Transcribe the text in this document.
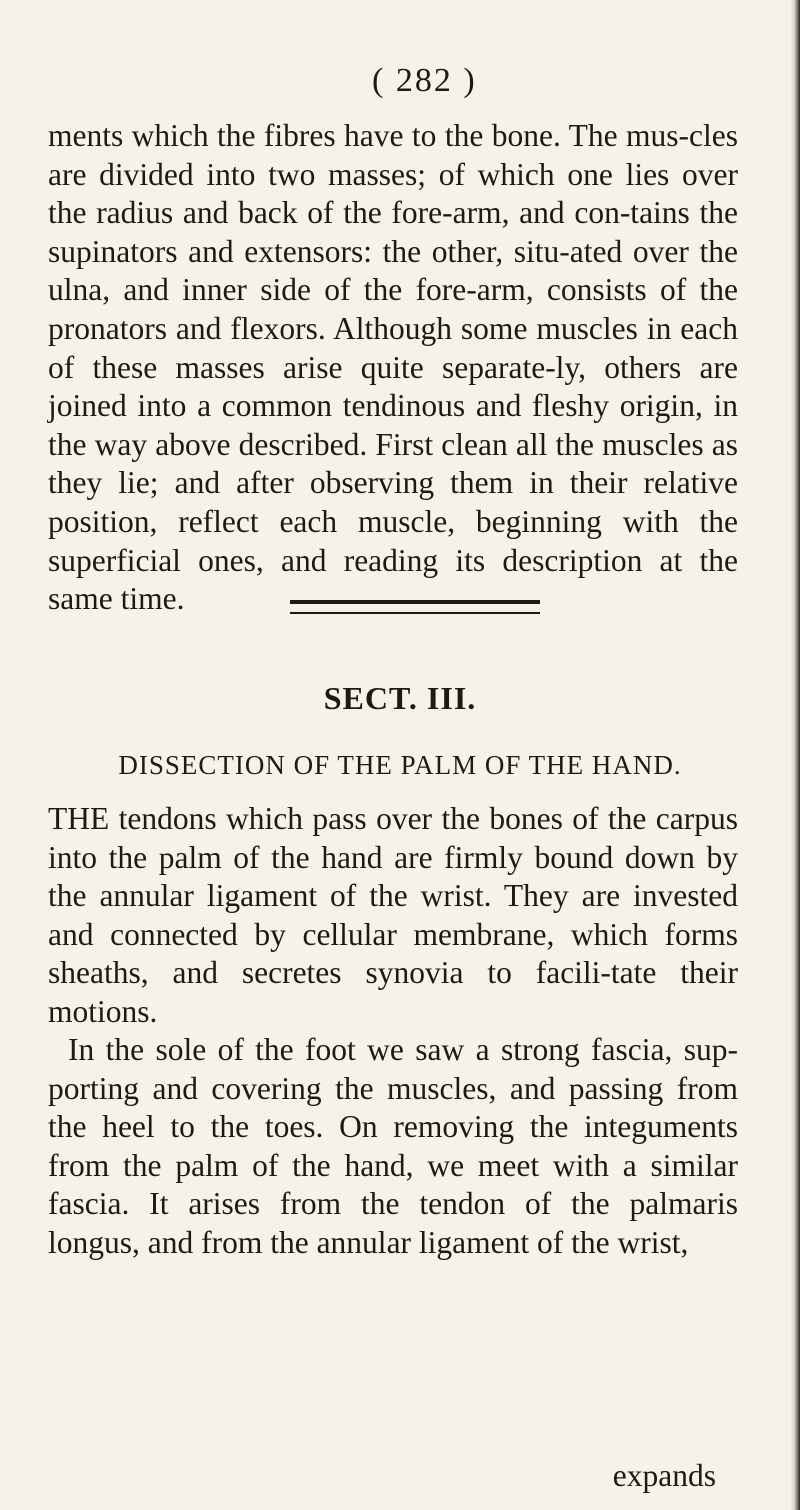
( 282 )

ments which the fibres have to the bone. The mus-cles are divided into two masses; of which one lies over the radius and back of the fore-arm, and con-tains the supinators and extensors: the other, situ-ated over the ulna, and inner side of the fore-arm, consists of the pronators and flexors. Although some muscles in each of these masses arise quite separate-ly, others are joined into a common tendinous and fleshy origin, in the way above described. First clean all the muscles as they lie; and after observing them in their relative position, reflect each muscle, beginning with the superficial ones, and reading its description at the same time.

SECT. III.
DISSECTION OF THE PALM OF THE HAND.

THE tendons which pass over the bones of the carpus into the palm of the hand are firmly bound down by the annular ligament of the wrist. They are invested and connected by cellular membrane, which forms sheaths, and secretes synovia to facili-tate their motions.

In the sole of the foot we saw a strong fascia, sup-porting and covering the muscles, and passing from the heel to the toes. On removing the integuments from the palm of the hand, we meet with a similar fascia. It arises from the tendon of the palmaris longus, and from the annular ligament of the wrist,

expands
